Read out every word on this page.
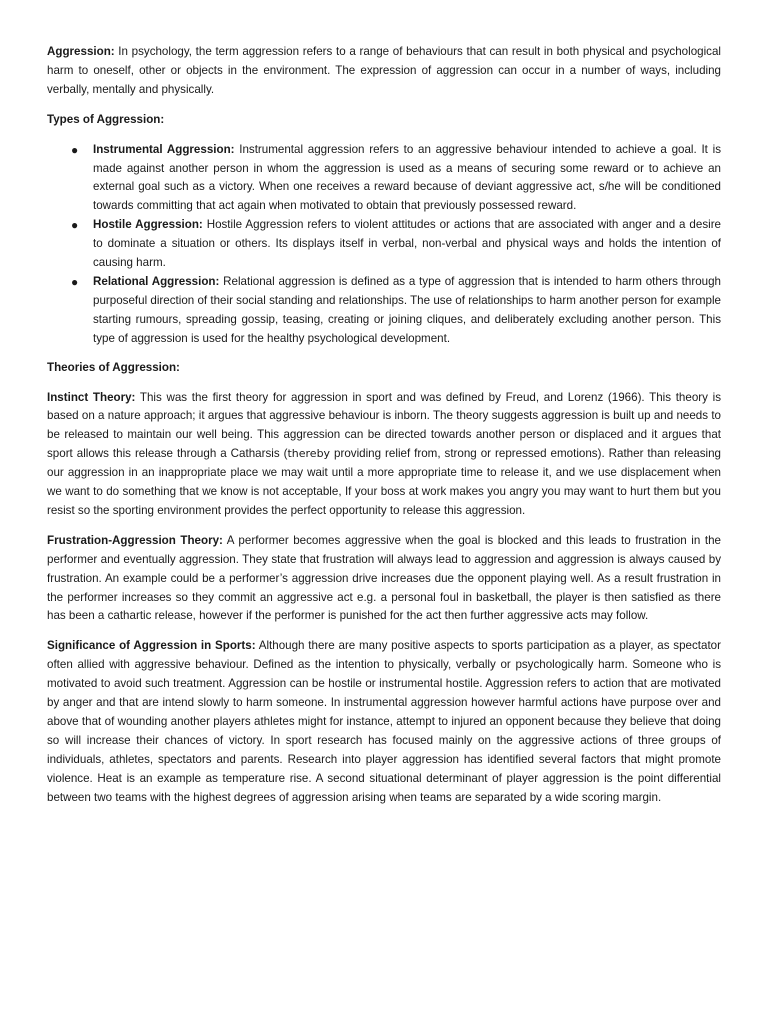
Aggression: In psychology, the term aggression refers to a range of behaviours that can result in both physical and psychological harm to oneself, other or objects in the environment. The expression of aggression can occur in a number of ways, including verbally, mentally and physically.

Types of Aggression:
● Instrumental Aggression: Instrumental aggression refers to an aggressive behaviour intended to achieve a goal. It is made against another person in whom the aggression is used as a means of securing some reward or to achieve an external goal such as a victory. When one receives a reward because of deviant aggressive act, s/he will be conditioned towards committing that act again when motivated to obtain that previously possessed reward.
● Hostile Aggression: Hostile Aggression refers to violent attitudes or actions that are associated with anger and a desire to dominate a situation or others. Its displays itself in verbal, non-verbal and physical ways and holds the intention of causing harm.
● Relational Aggression: Relational aggression is defined as a type of aggression that is intended to harm others through purposeful direction of their social standing and relationships. The use of relationships to harm another person for example starting rumours, spreading gossip, teasing, creating or joining cliques, and deliberately excluding another person. This type of aggression is used for the healthy psychological development.
Theories of Aggression:

Instinct Theory: This was the first theory for aggression in sport and was defined by Freud, and Lorenz (1966). This theory is based on a nature approach; it argues that aggressive behaviour is inborn. The theory suggests aggression is built up and needs to be released to maintain our well being. This aggression can be directed towards another person or displaced and it argues that sport allows this release through a Catharsis (thereby providing relief from, strong or repressed emotions). Rather than releasing our aggression in an inappropriate place we may wait until a more appropriate time to release it, and we use displacement when we want to do something that we know is not acceptable, If your boss at work makes you angry you may want to hurt them but you resist so the sporting environment provides the perfect opportunity to release this aggression.

Frustration-Aggression Theory: A performer becomes aggressive when the goal is blocked and this leads to frustration in the performer and eventually aggression. They state that frustration will always lead to aggression and aggression is always caused by frustration. An example could be a performer’s aggression drive increases due the opponent playing well. As a result frustration in the performer increases so they commit an aggressive act e.g. a personal foul in basketball, the player is then satisfied as there has been a cathartic release, however if the performer is punished for the act then further aggressive acts may follow.

Significance of Aggression in Sports: Although there are many positive aspects to sports participation as a player, as spectator often allied with aggressive behaviour. Defined as the intention to physically, verbally or psychologically harm. Someone who is motivated to avoid such treatment. Aggression can be hostile or instrumental hostile. Aggression refers to action that are motivated by anger and that are intend slowly to harm someone. In instrumental aggression however harmful actions have purpose over and above that of wounding another players athletes might for instance, attempt to injured an opponent because they believe that doing so will increase their chances of victory. In sport research has focused mainly on the aggressive actions of three groups of individuals, athletes, spectators and parents. Research into player aggression has identified several factors that might promote violence. Heat is an example as temperature rise. A second situational determinant of player aggression is the point differential between two teams with the highest degrees of aggression arising when teams are separated by a wide scoring margin.
